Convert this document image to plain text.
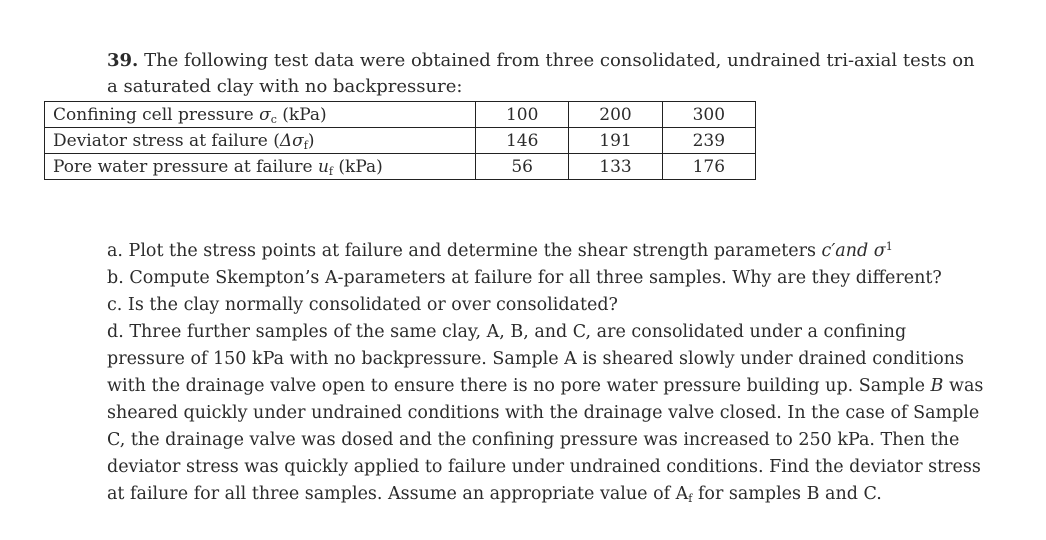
39. The following test data were obtained from three consolidated, undrained tri-axial tests on a saturated clay with no backpressure:

Confining cell pressure $\sigma_c$ (kPa)	100	200	300
Deviator stress at failure $(\Delta\sigma_f)$	146	191	239
Pore water pressure at failure $u_f$ (kPa)	56	133	176

a. Plot the stress points at failure and determine the shear strength parameters c′and $\sigma^1$

b. Compute Skempton’s A-parameters at failure for all three samples. Why are they different?

c. Is the clay normally consolidated or over consolidated?

d. Three further samples of the same clay, A, B, and C, are consolidated under a confining pressure of 150 kPa with no backpressure. Sample A is sheared slowly under drained conditions with the drainage valve open to ensure there is no pore water pressure building up. Sample B was sheared quickly under undrained conditions with the drainage valve closed. In the case of Sample C, the drainage valve was dosed and the confining pressure was increased to 250 kPa. Then the deviator stress was quickly applied to failure under undrained conditions. Find the deviator stress at failure for all three samples. Assume an appropriate value of $A_f$ for samples B and C.
